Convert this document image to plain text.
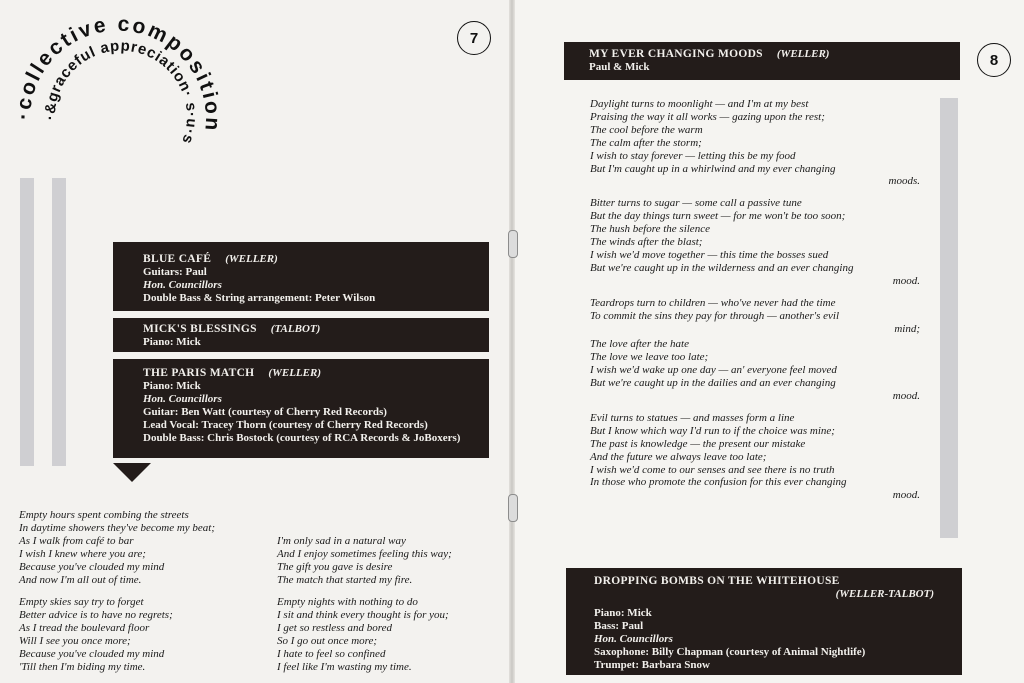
·collective composition
·&graceful appreciation· s·u·s
7
BLUE CAFÉ (WELLER)
Guitars: Paul
Hon. Councillors
Double Bass & String arrangement: Peter Wilson
MICK'S BLESSINGS (TALBOT)
Piano: Mick
THE PARIS MATCH (WELLER)
Piano: Mick
Hon. Councillors
Guitar: Ben Watt (courtesy of Cherry Red Records)
Lead Vocal: Tracey Thorn (courtesy of Cherry Red Records)
Double Bass: Chris Bostock (courtesy of RCA Records & JoBoxers)
Empty hours spent combing the streets
In daytime showers they've become my beat;
As I walk from café to bar
I wish I knew where you are;
Because you've clouded my mind
And now I'm all out of time.
Empty skies say try to forget
Better advice is to have no regrets;
As I tread the boulevard floor
Will I see you once more;
Because you've clouded my mind
'Till then I'm biding my time.
I'm only sad in a natural way
And I enjoy sometimes feeling this way;
The gift you gave is desire
The match that started my fire.
Empty nights with nothing to do
I sit and think every thought is for you;
I get so restless and bored
So I go out once more;
I hate to feel so confined
I feel like I'm wasting my time.
MY EVER CHANGING MOODS (WELLER)
Paul & Mick	8
Daylight turns to moonlight — and I'm at my best
Praising the way it all works — gazing upon the rest;
The cool before the warm
The calm after the storm;
I wish to stay forever — letting this be my food
But I'm caught up in a whirlwind and my ever changing
moods.
Bitter turns to sugar — some call a passive tune
But the day things turn sweet — for me won't be too soon;
The hush before the silence
The winds after the blast;
I wish we'd move together — this time the bosses sued
But we're caught up in the wilderness and an ever changing
mood.
Teardrops turn to children — who've never had the time
To commit the sins they pay for through — another's evil
mind;
The love after the hate
The love we leave too late;
I wish we'd wake up one day — an' everyone feel moved
But we're caught up in the dailies and an ever changing
mood.
Evil turns to statues — and masses form a line
But I know which way I'd run to if the choice was mine;
The past is knowledge — the present our mistake
And the future we always leave too late;
I wish we'd come to our senses and see there is no truth
In those who promote the confusion for this ever changing
mood.
DROPPING BOMBS ON THE WHITEHOUSE
(WELLER-TALBOT)
Piano: Mick
Bass: Paul
Hon. Councillors
Saxophone: Billy Chapman (courtesy of Animal Nightlife)
Trumpet: Barbara Snow
